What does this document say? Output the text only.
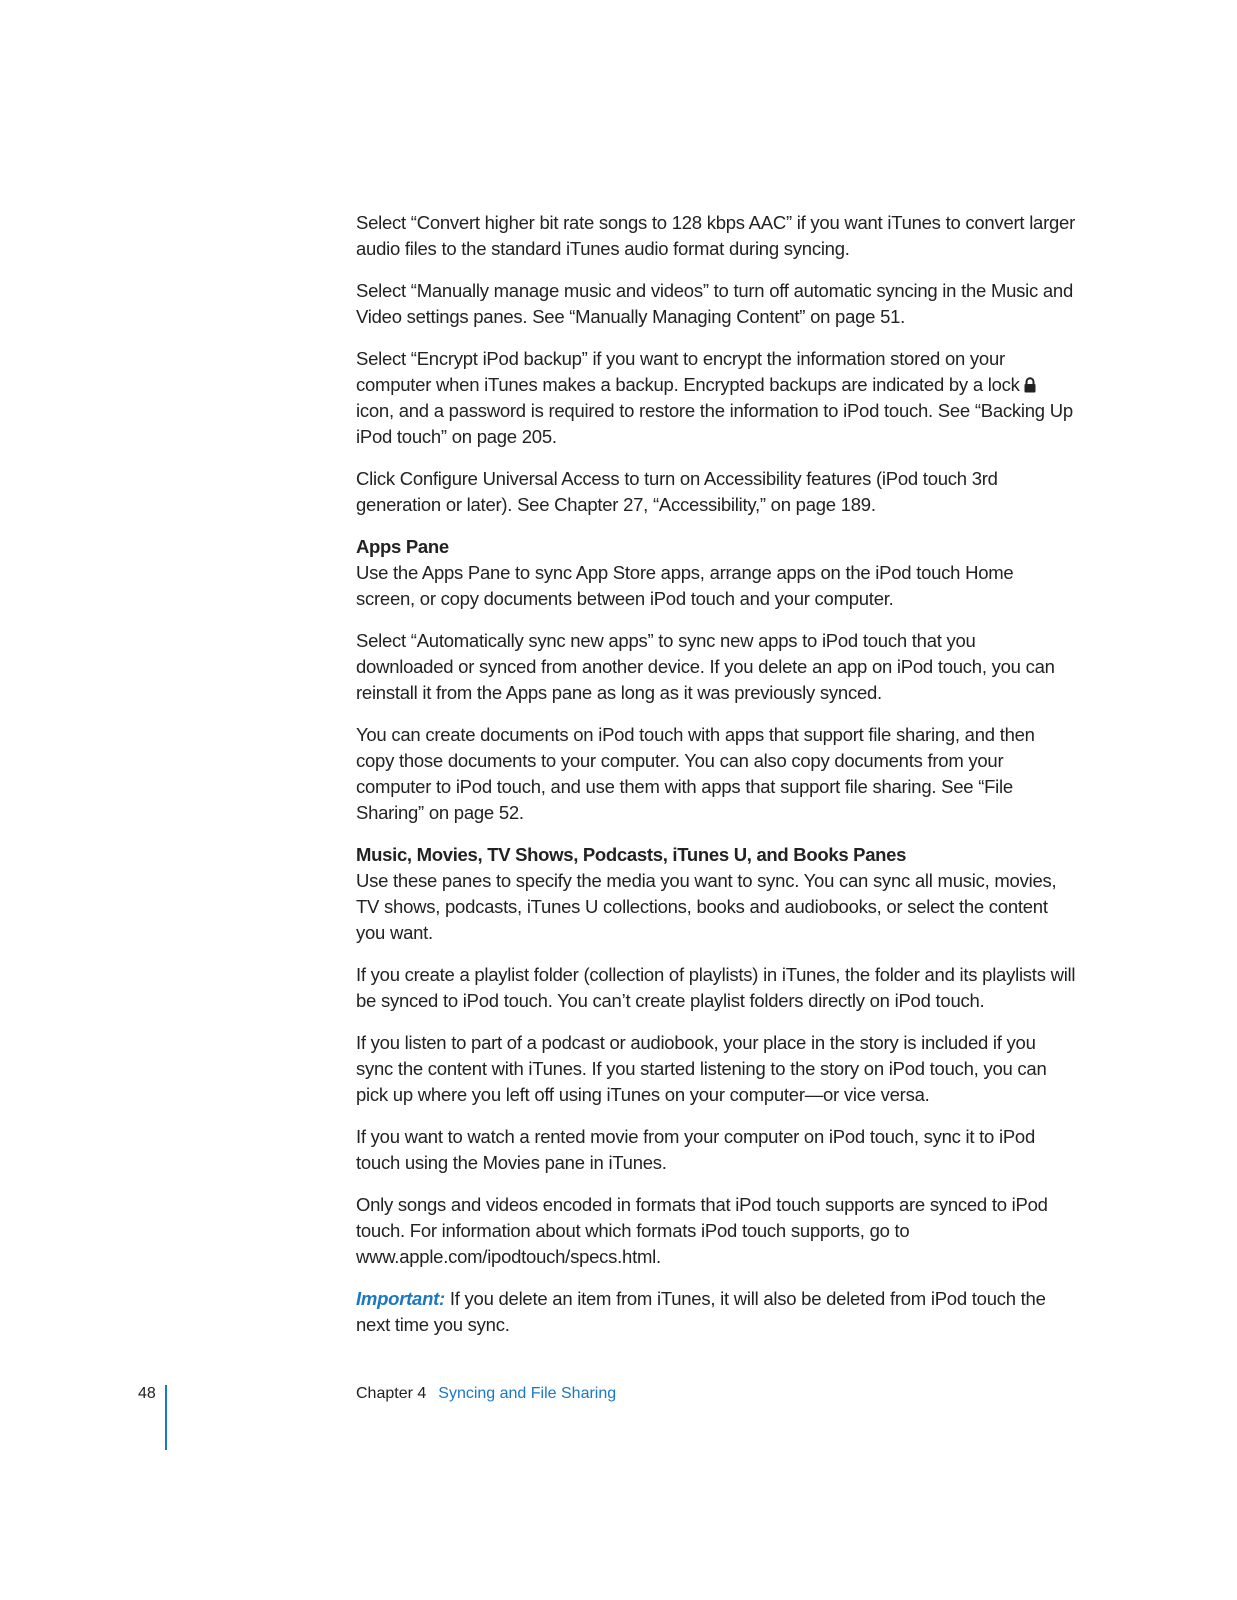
Select “Convert higher bit rate songs to 128 kbps AAC” if you want iTunes to convert larger audio files to the standard iTunes audio format during syncing.

Select “Manually manage music and videos” to turn off automatic syncing in the Music and Video settings panes. See “Manually Managing Content” on page 51.

Select “Encrypt iPod backup” if you want to encrypt the information stored on your computer when iTunes makes a backup. Encrypted backups are indicated by a lock icon, and a password is required to restore the information to iPod touch. See “Backing Up iPod touch” on page 205.

Click Configure Universal Access to turn on Accessibility features (iPod touch 3rd generation or later). See Chapter 27, “Accessibility,” on page 189.

Apps Pane

Use the Apps Pane to sync App Store apps, arrange apps on the iPod touch Home screen, or copy documents between iPod touch and your computer.

Select “Automatically sync new apps” to sync new apps to iPod touch that you downloaded or synced from another device. If you delete an app on iPod touch, you can reinstall it from the Apps pane as long as it was previously synced.

You can create documents on iPod touch with apps that support file sharing, and then copy those documents to your computer. You can also copy documents from your computer to iPod touch, and use them with apps that support file sharing. See “File Sharing” on page 52.

Music, Movies, TV Shows, Podcasts, iTunes U, and Books Panes

Use these panes to specify the media you want to sync. You can sync all music, movies, TV shows, podcasts, iTunes U collections, books and audiobooks, or select the content you want.

If you create a playlist folder (collection of playlists) in iTunes, the folder and its playlists will be synced to iPod touch. You can’t create playlist folders directly on iPod touch.

If you listen to part of a podcast or audiobook, your place in the story is included if you sync the content with iTunes. If you started listening to the story on iPod touch, you can pick up where you left off using iTunes on your computer—or vice versa.

If you want to watch a rented movie from your computer on iPod touch, sync it to iPod touch using the Movies pane in iTunes.

Only songs and videos encoded in formats that iPod touch supports are synced to iPod touch. For information about which formats iPod touch supports, go to www.apple.com/ipodtouch/specs.html.

Important: If you delete an item from iTunes, it will also be deleted from iPod touch the next time you sync.

48	Chapter 4 Syncing and File Sharing
